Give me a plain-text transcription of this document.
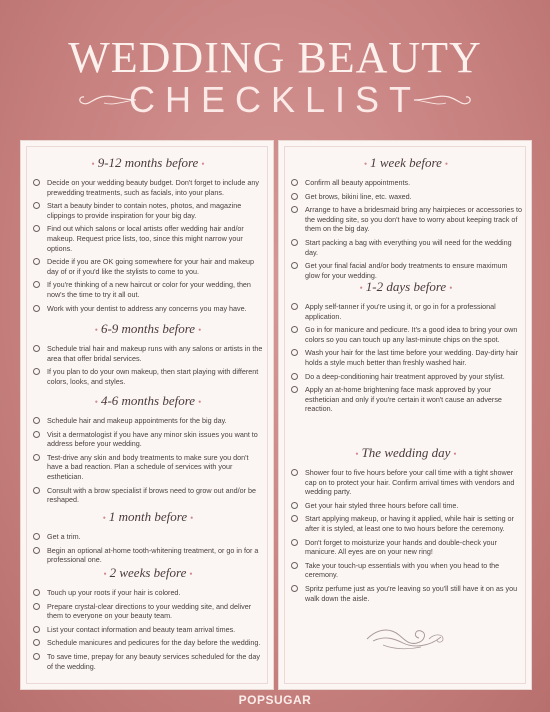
WEDDING BEAUTY
CHECKLIST
• 9-12 months before •
Decide on your wedding beauty budget. Don't forget to include any prewedding treatments, such as facials, into your plans.
Start a beauty binder to contain notes, photos, and magazine clippings to provide inspiration for your big day.
Find out which salons or local artists offer wedding hair and/or makeup. Request price lists, too, since this might narrow your options.
Decide if you are OK going somewhere for your hair and makeup day of or if you'd like the stylists to come to you.
If you're thinking of a new haircut or color for your wedding, then now's the time to try it all out.
Work with your dentist to address any concerns you may have.
• 6-9 months before •
Schedule trial hair and makeup runs with any salons or artists in the area that offer bridal services.
If you plan to do your own makeup, then start playing with different colors, looks, and styles.
• 4-6 months before •
Schedule hair and makeup appointments for the big day.
Visit a dermatologist if you have any minor skin issues you want to address before your wedding.
Test-drive any skin and body treatments to make sure you don't have a bad reaction. Plan a schedule of services with your esthetician.
Consult with a brow specialist if brows need to grow out and/or be reshaped.
• 1 month before •
Get a trim.
Begin an optional at-home tooth-whitening treatment, or go in for a professional one.
• 2 weeks before •
Touch up your roots if your hair is colored.
Prepare crystal-clear directions to your wedding site, and deliver them to everyone on your beauty team.
List your contact information and beauty team arrival times.
Schedule manicures and pedicures for the day before the wedding.
To save time, prepay for any beauty services scheduled for the day of the wedding.
• 1 week before •
Confirm all beauty appointments.
Get brows, bikini line, etc. waxed.
Arrange to have a bridesmaid bring any hairpieces or accessories to the wedding site, so you don't have to worry about keeping track of them on the big day.
Start packing a bag with everything you will need for the wedding day.
Get your final facial and/or body treatments to ensure maximum glow for your wedding.
• 1-2 days before •
Apply self-tanner if you're using it, or go in for a professional application.
Go in for manicure and pedicure. It's a good idea to bring your own colors so you can touch up any last-minute chips on the spot.
Wash your hair for the last time before your wedding. Day-dirty hair holds a style much better than freshly washed hair.
Do a deep-conditioning hair treatment approved by your stylist.
Apply an at-home brightening face mask approved by your esthetician and only if you're certain it won't cause an adverse reaction.
• The wedding day •
Shower four to five hours before your call time with a tight shower cap on to protect your hair. Confirm arrival times with vendors and wedding party.
Get your hair styled three hours before call time.
Start applying makeup, or having it applied, while hair is setting or after it is styled, at least one to two hours before the ceremony.
Don't forget to moisturize your hands and double-check your manicure. All eyes are on your new ring!
Take your touch-up essentials with you when you head to the ceremony.
Spritz perfume just as you're leaving so you'll still have it on as you walk down the aisle.
POPSUGAR
